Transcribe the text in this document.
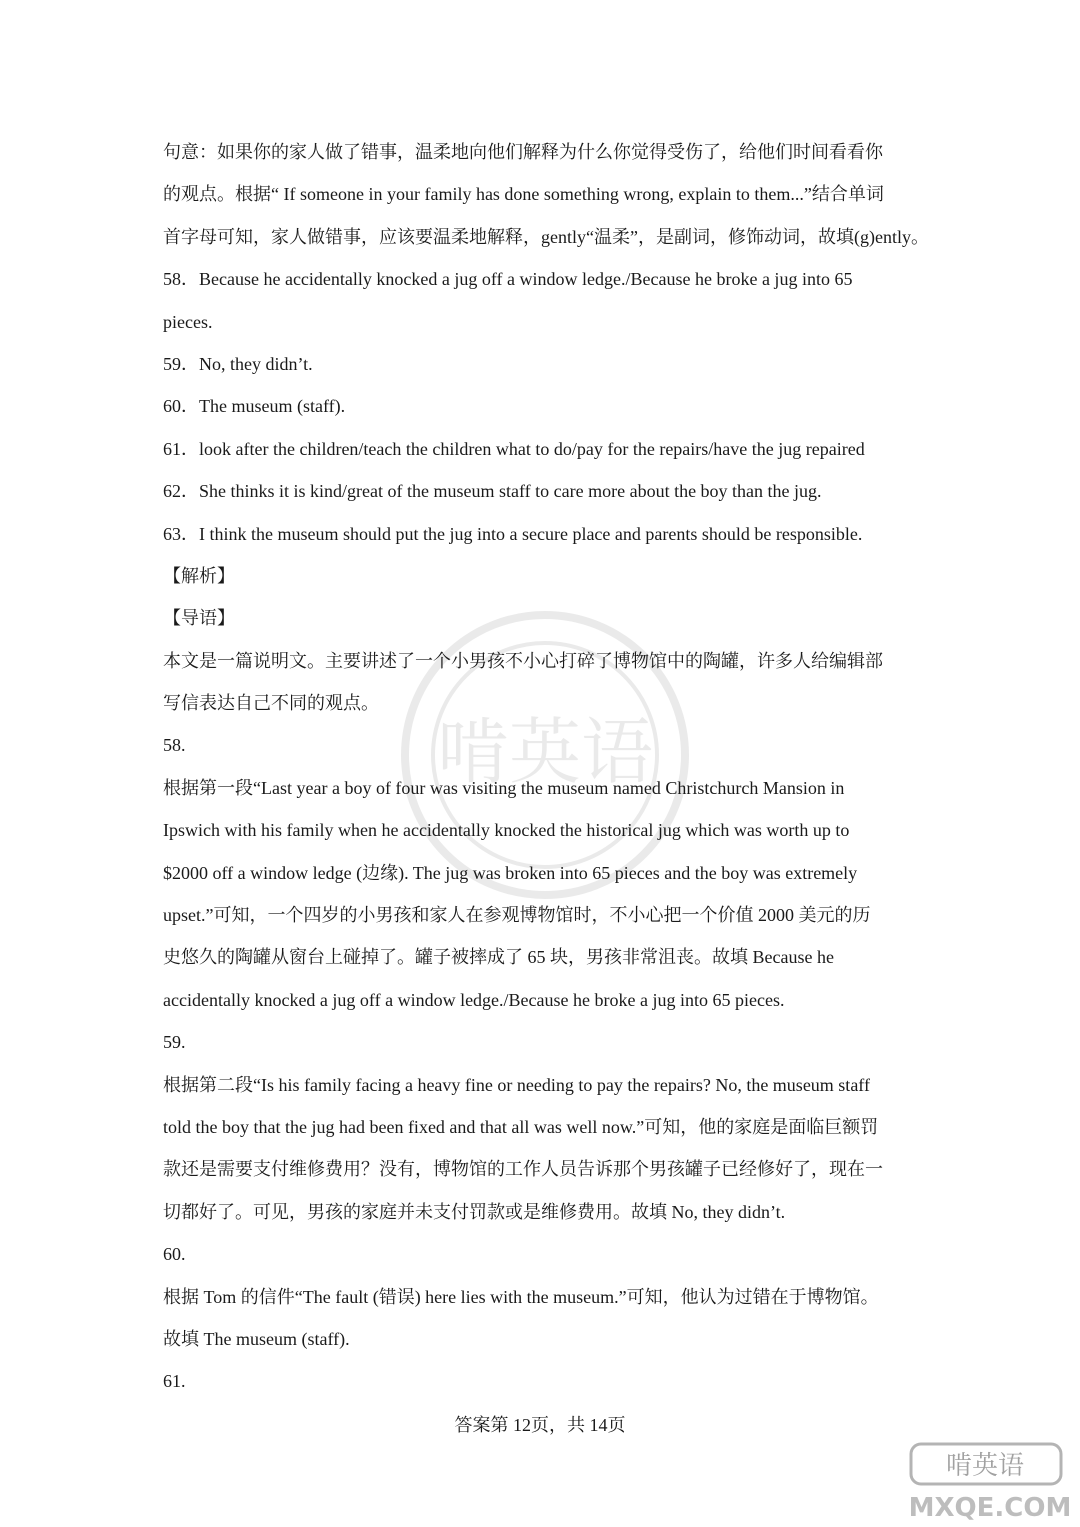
啃英语
句意：如果你的家人做了错事，温柔地向他们解释为什么你觉得受伤了，给他们时间看看你
的观点。根据“ If someone in your family has done something wrong, explain to them...”结合单词
首字母可知，家人做错事，应该要温柔地解释，gently“温柔”，是副词，修饰动词，故填(g)ently。
58．Because he accidentally knocked a jug off a window ledge./Because he broke a jug into 65
pieces.
59．No, they didn’t.
60．The museum (staff).
61．look after the children/teach the children what to do/pay for the repairs/have the jug repaired
62．She thinks it is kind/great of the museum staff to care more about the boy than the jug.
63．I think the museum should put the jug into a secure place and parents should be responsible.
【解析】
【导语】
本文是一篇说明文。主要讲述了一个小男孩不小心打碎了博物馆中的陶罐，许多人给编辑部
写信表达自己不同的观点。
58.
根据第一段“Last year a boy of four was visiting the museum named Christchurch Mansion in
Ipswich with his family when he accidentally knocked the historical jug which was worth up to
$2000 off a window ledge (边缘). The jug was broken into 65 pieces and the boy was extremely
upset.”可知，一个四岁的小男孩和家人在参观博物馆时，不小心把一个价值 2000 美元的历
史悠久的陶罐从窗台上碰掉了。罐子被摔成了 65 块，男孩非常沮丧。故填 Because he
accidentally knocked a jug off a window ledge./Because he broke a jug into 65 pieces.
59.
根据第二段“Is his family facing a heavy fine or needing to pay the repairs? No, the museum staff
told the boy that the jug had been fixed and that all was well now.”可知，他的家庭是面临巨额罚
款还是需要支付维修费用？没有，博物馆的工作人员告诉那个男孩罐子已经修好了，现在一
切都好了。可见，男孩的家庭并未支付罚款或是维修费用。故填 No, they didn’t.
60.
根据 Tom 的信件“The fault (错误) here lies with the museum.”可知，他认为过错在于博物馆。
故填 The museum (staff).
61.
答案第 12页，共 14页
啃英语
MXQE.COM
